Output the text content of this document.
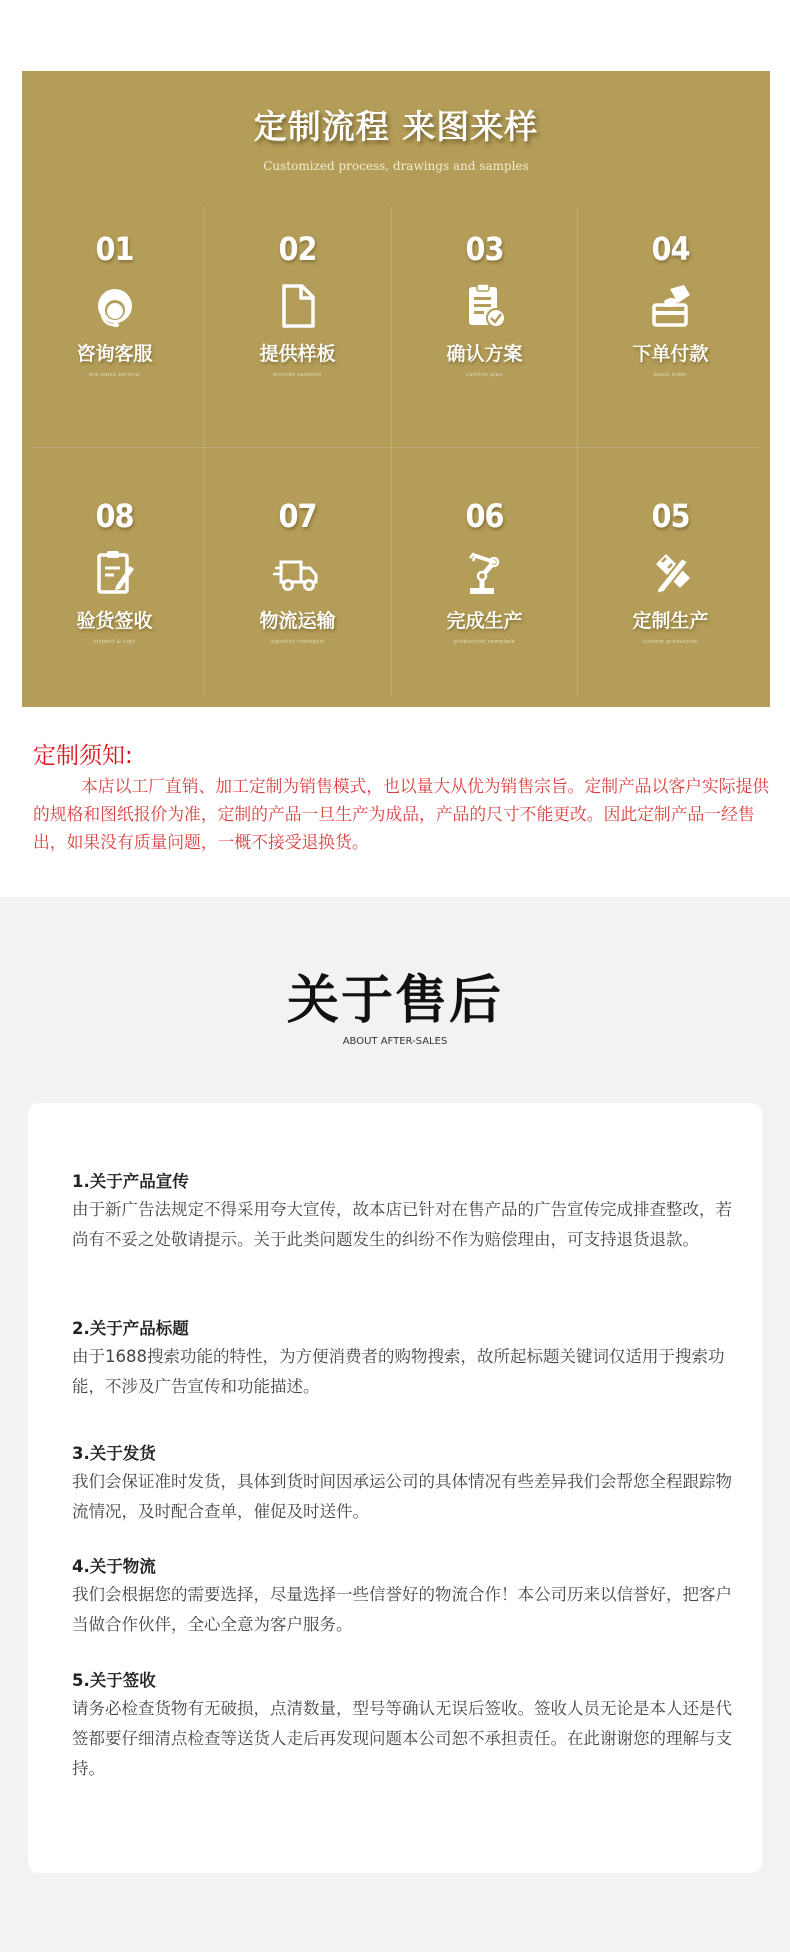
定制流程 来图来样
Customized process, drawings and samples
01
咨询客服
pre-sales service
02
提供样板
provide samples
03
确认方案
confirm plan
04
下单付款
place order
08
验货签收
inspect & sign
07
物流运输
logistics transport
06
完成生产
production complete
05
定制生产
custom production
定制须知:
本店以工厂直销、加工定制为销售模式，也以量大从优为销售宗旨。定制产品以客户实际提供的规格和图纸报价为准，定制的产品一旦生产为成品，产品的尺寸不能更改。因此定制产品一经售出，如果没有质量问题，一概不接受退换货。
关于售后
ABOUT AFTER-SALES
1.关于产品宣传
由于新广告法规定不得采用夸大宣传，故本店已针对在售产品的广告宣传完成排查整改，若尚有不妥之处敬请提示。关于此类问题发生的纠纷不作为赔偿理由，可支持退货退款。
2.关于产品标题
由于1688搜索功能的特性，为方便消费者的购物搜索，故所起标题关键词仅适用于搜索功能，不涉及广告宣传和功能描述。
3.关于发货
我们会保证准时发货，具体到货时间因承运公司的具体情况有些差异我们会帮您全程跟踪物流情况，及时配合查单，催促及时送件。
4.关于物流
我们会根据您的需要选择，尽量选择一些信誉好的物流合作！本公司历来以信誉好，把客户当做合作伙伴，全心全意为客户服务。
5.关于签收
请务必检查货物有无破损，点清数量，型号等确认无误后签收。签收人员无论是本人还是代签都要仔细清点检查等送货人走后再发现问题本公司恕不承担责任。在此谢谢您的理解与支持。
